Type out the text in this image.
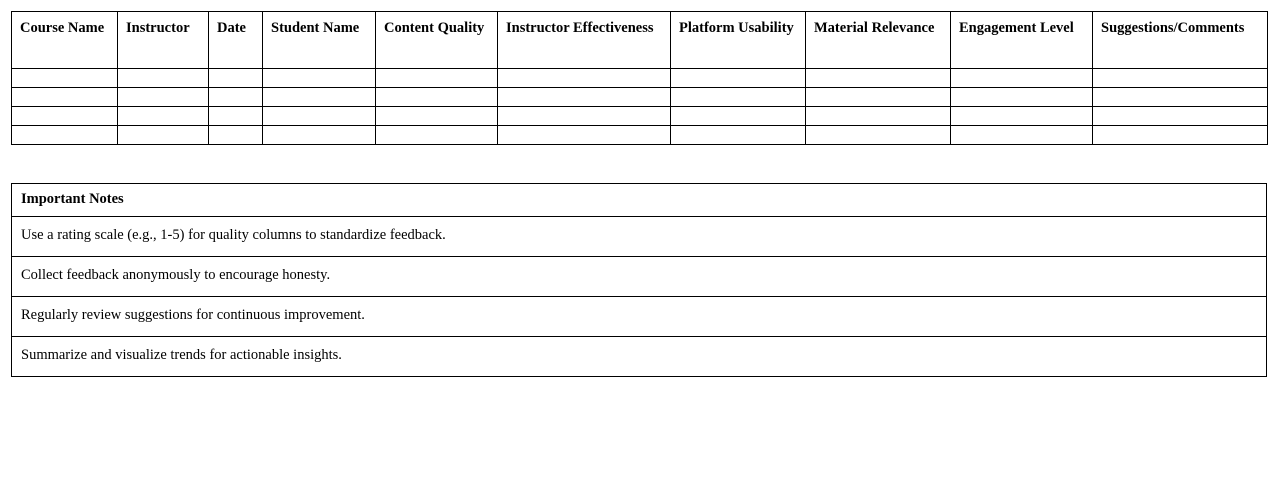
Course Name	Instructor	Date	Student Name	Content Quality	Instructor Effectiveness	Platform Usability	Material Relevance	Engagement Level	Suggestions/Comments

Important Notes
Use a rating scale (e.g., 1-5) for quality columns to standardize feedback.
Collect feedback anonymously to encourage honesty.
Regularly review suggestions for continuous improvement.
Summarize and visualize trends for actionable insights.
